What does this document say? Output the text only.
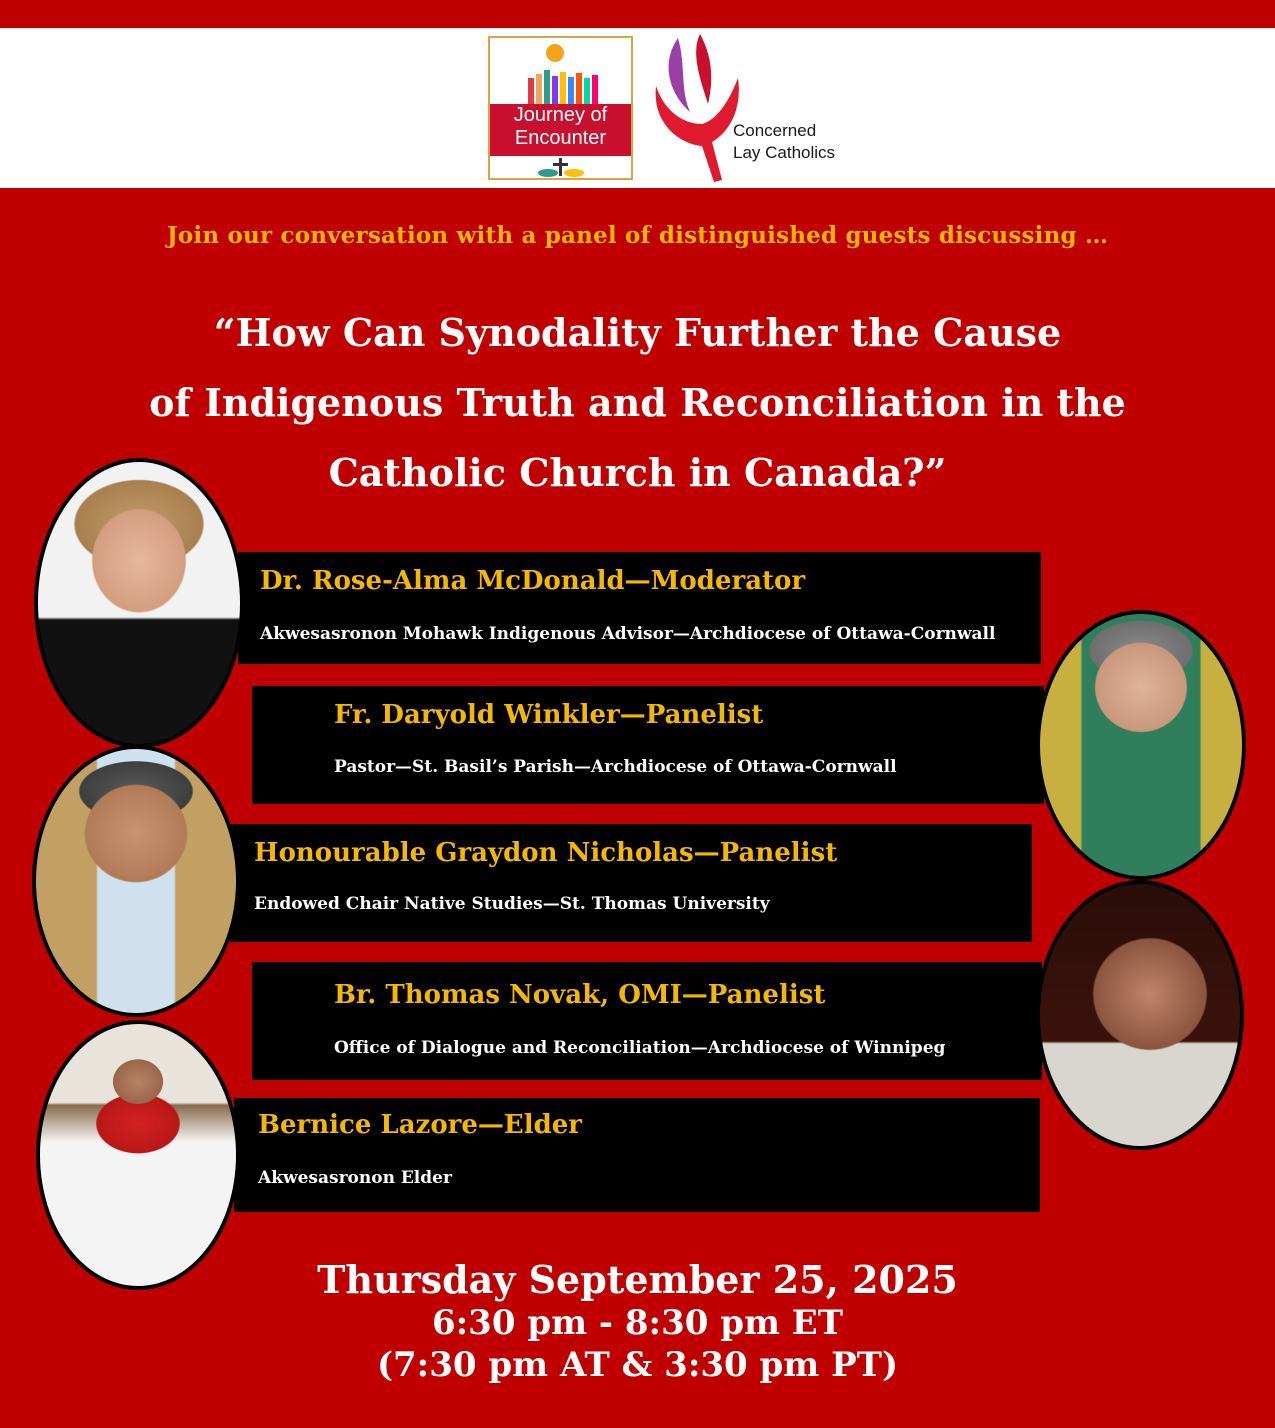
Journey of
Encounter	Concerned
Lay Catholics
Join our conversation with a panel of distinguished guests discussing …
“How Can Synodality Further the Cause
of Indigenous Truth and Reconciliation in the
Catholic Church in Canada?”
Dr. Rose-Alma McDonald—Moderator
Akwesasronon Mohawk Indigenous Advisor—Archdiocese of Ottawa-Cornwall
Fr. Daryold Winkler—Panelist
Pastor—St. Basil’s Parish—Archdiocese of Ottawa-Cornwall
Honourable Graydon Nicholas—Panelist
Endowed Chair Native Studies—St. Thomas University
Br. Thomas Novak, OMI—Panelist
Office of Dialogue and Reconciliation—Archdiocese of Winnipeg
Bernice Lazore—Elder
Akwesasronon Elder
Thursday September 25, 2025
6:30 pm - 8:30 pm ET
(7:30 pm AT & 3:30 pm PT)
